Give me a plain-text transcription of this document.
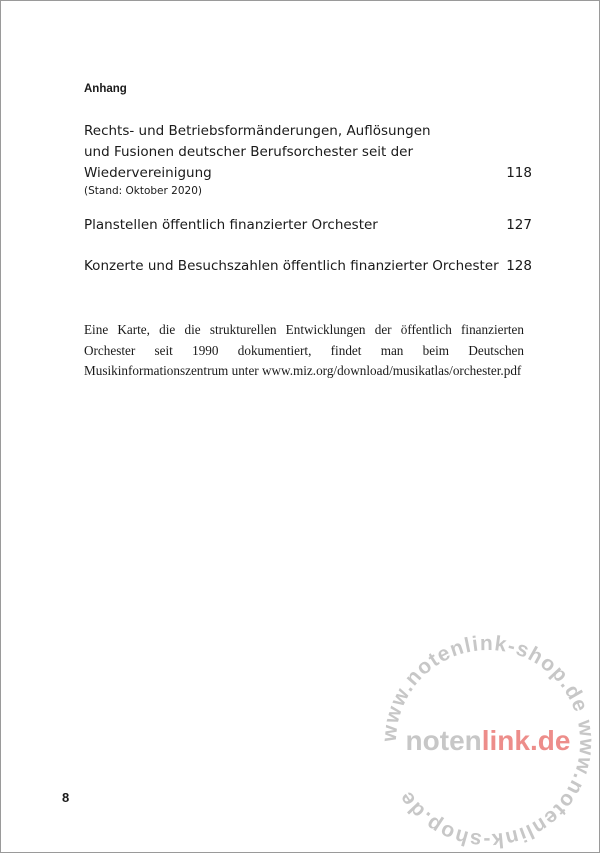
Anhang
Rechts- und Betriebsformänderungen, Auflösungen
und Fusionen deutscher Berufsorchester seit der
Wiedervereinigung	118
(Stand: Oktober 2020)
Planstellen öffentlich finanzierter Orchester	127
Konzerte und Besuchszahlen öffentlich finanzierter Orchester 128
Eine Karte, die die strukturellen Entwicklungen der öffentlich finanzierten Orchester seit 1990 dokumentiert, findet man beim Deutschen Musikinformationszentrum unter www.miz.org/download/musikatlas/orchester.pdf
8
www.notenlink-shop.de www.notenlink-shop.de
notenlink.de
